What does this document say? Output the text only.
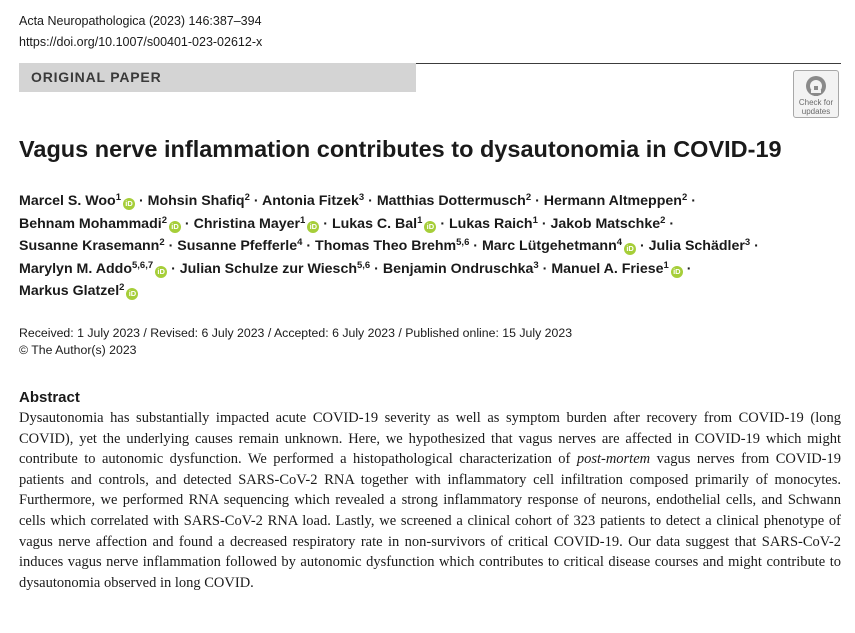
Acta Neuropathologica (2023) 146:387–394
https://doi.org/10.1007/s00401-023-02612-x
ORIGINAL PAPER
Check for
updates
Vagus nerve inflammation contributes to dysautonomia in COVID-19
Marcel S. Woo$^1$iD · Mohsin Shafiq$^2$ · Antonia Fitzek$^3$ · Matthias Dottermusch$^2$ · Hermann Altmeppen$^2$ ·
Behnam Mohammadi$^2$iD · Christina Mayer$^1$iD · Lukas C. Bal$^1$iD · Lukas Raich$^1$ · Jakob Matschke$^2$ ·
Susanne Krasemann$^2$ · Susanne Pfefferle$^4$ · Thomas Theo Brehm$^{5,6}$ · Marc Lütgehetmann$^4$iD · Julia Schädler$^3$ ·
Marylyn M. Addo$^{5,6,7}$iD · Julian Schulze zur Wiesch$^{5,6}$ · Benjamin Ondruschka$^3$ · Manuel A. Friese$^1$iD ·
Markus Glatzel$^2$iD
Received: 1 July 2023 / Revised: 6 July 2023 / Accepted: 6 July 2023 / Published online: 15 July 2023
© The Author(s) 2023
Abstract

Dysautonomia has substantially impacted acute COVID-19 severity as well as symptom burden after recovery from COVID-19 (long COVID), yet the underlying causes remain unknown. Here, we hypothesized that vagus nerves are affected in COVID-19 which might contribute to autonomic dysfunction. We performed a histopathological characterization of post-mortem vagus nerves from COVID-19 patients and controls, and detected SARS-CoV-2 RNA together with inflammatory cell infiltration composed primarily of monocytes. Furthermore, we performed RNA sequencing which revealed a strong inflammatory response of neurons, endothelial cells, and Schwann cells which correlated with SARS-CoV-2 RNA load. Lastly, we screened a clinical cohort of 323 patients to detect a clinical phenotype of vagus nerve affection and found a decreased respiratory rate in non-survivors of critical COVID-19. Our data suggest that SARS-CoV-2 induces vagus nerve inflammation followed by autonomic dysfunction which contributes to critical disease courses and might contribute to dysautonomia observed in long COVID.
